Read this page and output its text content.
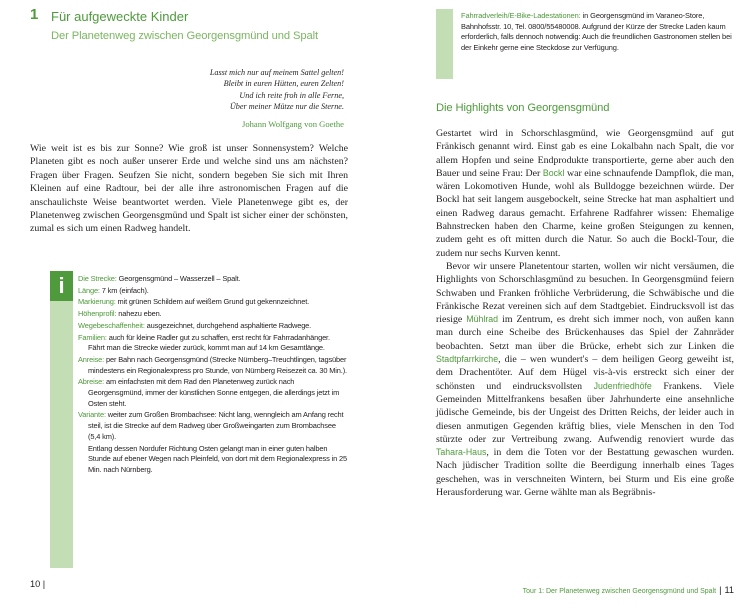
1 Für aufgeweckte Kinder
Der Planetenweg zwischen Georgensgmünd und Spalt
Lasst mich nur auf meinem Sattel gelten!
Bleibt in euren Hütten, euren Zelten!
Und ich reite froh in alle Ferne,
Über meiner Mütze nur die Sterne.
Johann Wolfgang von Goethe
Wie weit ist es bis zur Sonne? Wie groß ist unser Sonnensystem? Welche Planeten gibt es noch außer unserer Erde und welche sind uns am nächsten? Fragen über Fragen. Seufzen Sie nicht, sondern begeben Sie sich mit Ihren Kleinen auf eine Radtour, bei der alle ihre astronomischen Fragen auf die anschaulichste Weise beantwortet werden. Viele Planetenwege gibt es, der Planetenweg zwischen Georgensgmünd und Spalt ist sicher einer der schönsten, zumal es sich um einen Radweg handelt.
i	Die Strecke: Georgensgmünd – Wasserzell – Spalt.
Länge: 7 km (einfach).
Markierung: mit grünen Schildern auf weißem Grund gut gekennzeichnet.
Höhenprofil: nahezu eben.
Wegebeschaffenheit: ausgezeichnet, durchgehend asphaltierte Radwege.
Familien: auch für kleine Radler gut zu schaffen, erst recht für Fahrradanhänger. Fährt man die Strecke wieder zurück, kommt man auf 14 km Gesamtlänge.
Anreise: per Bahn nach Georgensgmünd (Strecke Nürnberg–Treuchtlingen, tagsüber mindestens ein Regionalexpress pro Stunde, von Nürnberg Reisezeit ca. 30 Min.).
Abreise: am einfachsten mit dem Rad den Planetenweg zurück nach Georgensgmünd, immer der künstlichen Sonne entgegen, die allerdings jetzt im Osten steht.
Variante: weiter zum Großen Brombachsee: Nicht lang, wenngleich am Anfang recht steil, ist die Strecke auf dem Radweg über Großweingarten zum Brombachsee (5,4 km).
Entlang dessen Nordufer Richtung Osten gelangt man in einer guten halben Stunde auf ebener Wegen nach Pleinfeld, von dort mit dem Regionalexpress in 25 Min. nach Nürnberg.
10 |
Fahrradverleih/E-Bike-Ladestationen: in Georgensgmünd im Varaneo-Store, Bahnhofsstr. 10, Tel. 0800/55480008. Aufgrund der Kürze der Strecke Laden kaum erforderlich, falls dennoch notwendig: Auch die freundlichen Gastronomen stellen bei der Einkehr gerne eine Steckdose zur Verfügung.
Die Highlights von Georgensgmünd

Gestartet wird in Schorschlasgmünd, wie Georgensgmünd auf gut Fränkisch genannt wird. Einst gab es eine Lokalbahn nach Spalt, die vor allem Hopfen und seine Endprodukte transportierte, gerne aber auch den Bauer und seine Frau: Der Bockl war eine schnaufende Dampflok, die man, wären Lokomotiven Hunde, wohl als Bulldogge bezeichnen würde. Der Bockl hat seit langem ausgebockelt, seine Strecke hat man asphaltiert und einen Radweg daraus gemacht. Erfahrene Radfahrer wissen: Ehemalige Bahnstrecken haben den Charme, keine großen Steigungen zu kennen, zudem geht es oft mitten durch die Natur. So auch die Bockl-Tour, die zudem nur sechs Kurven kennt.

Bevor wir unsere Planetentour starten, wollen wir nicht versäumen, die Highlights von Schorschlasgmünd zu besuchen. In Georgensgmünd feiern Schwaben und Franken fröhliche Verbrüderung, die Schwäbische und die Fränkische Rezat vereinen sich auf dem Stadtgebiet. Eindrucksvoll ist das riesige Mühlrad im Zentrum, es dreht sich immer noch, von außen kann man durch eine Scheibe des Brückenhauses das Spiel der Zahnräder beobachten. Setzt man über die Brücke, erhebt sich zur Linken die Stadtpfarrkirche, die – wen wundert's – dem heiligen Georg geweiht ist, dem Drachentöter. Auf dem Hügel vis-à-vis erstreckt sich einer der schönsten und eindrucksvollsten Judenfriedhöfe Frankens. Viele Gemeinden Mittelfrankens besaßen über Jahrhunderte eine ansehnliche jüdische Gemeinde, bis der Ungeist des Dritten Reichs, der leider auch in diesen anmutigen Gegenden kräftig blies, viele Menschen in den Tod stürzte oder zur Vertreibung zwang. Aufwendig renoviert wurde das Tahara-Haus, in dem die Toten vor der Bestattung gewaschen wurden. Nach jüdischer Tradition sollte die Beerdigung innerhalb eines Tages geschehen, was in verschneiten Wintern, bei Sturm und Eis eine große Herausforderung war. Gerne wählte man als Begräbnis-

Tour 1: Der Planetenweg zwischen Georgensgmünd und Spalt | 11
